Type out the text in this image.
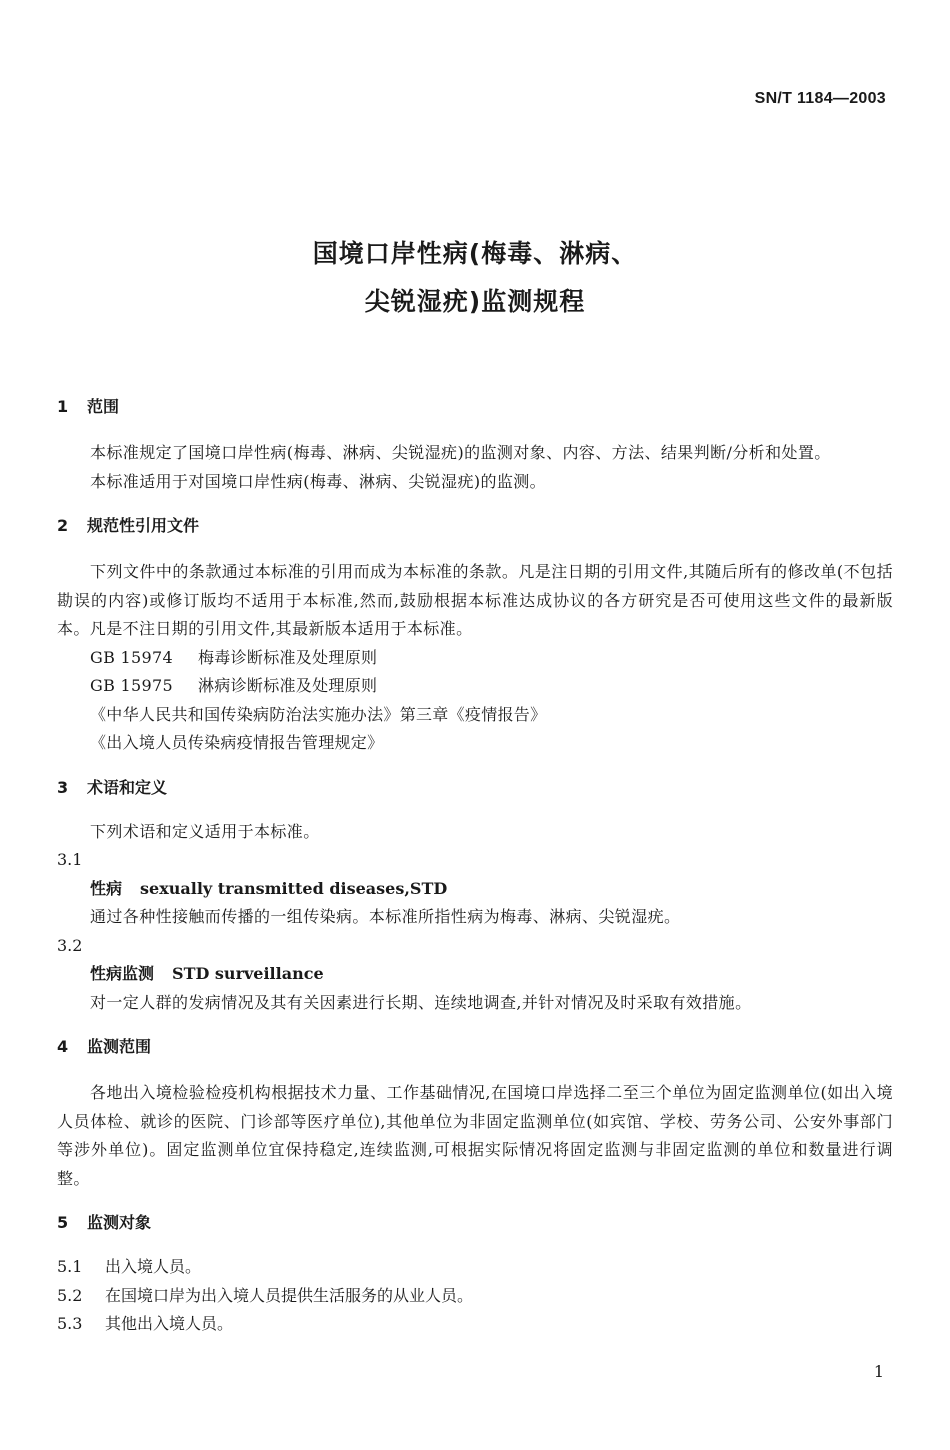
SN/T 1184—2003
国境口岸性病(梅毒、淋病、
尖锐湿疣)监测规程
1 范围
本标准规定了国境口岸性病(梅毒、淋病、尖锐湿疣)的监测对象、内容、方法、结果判断/分析和处置。
本标准适用于对国境口岸性病(梅毒、淋病、尖锐湿疣)的监测。
2 规范性引用文件
下列文件中的条款通过本标准的引用而成为本标准的条款。凡是注日期的引用文件,其随后所有的修改单(不包括勘误的内容)或修订版均不适用于本标准,然而,鼓励根据本标准达成协议的各方研究是否可使用这些文件的最新版本。凡是不注日期的引用文件,其最新版本适用于本标准。
GB 15974 梅毒诊断标准及处理原则
GB 15975 淋病诊断标准及处理原则
《中华人民共和国传染病防治法实施办法》第三章《疫情报告》
《出入境人员传染病疫情报告管理规定》
3 术语和定义
下列术语和定义适用于本标准。
3.1
性病 sexually transmitted diseases,STD
通过各种性接触而传播的一组传染病。本标准所指性病为梅毒、淋病、尖锐湿疣。
3.2
性病监测 STD surveillance
对一定人群的发病情况及其有关因素进行长期、连续地调查,并针对情况及时采取有效措施。
4 监测范围
各地出入境检验检疫机构根据技术力量、工作基础情况,在国境口岸选择二至三个单位为固定监测单位(如出入境人员体检、就诊的医院、门诊部等医疗单位),其他单位为非固定监测单位(如宾馆、学校、劳务公司、公安外事部门等涉外单位)。固定监测单位宜保持稳定,连续监测,可根据实际情况将固定监测与非固定监测的单位和数量进行调整。
5 监测对象
5.1 出入境人员。
5.2 在国境口岸为出入境人员提供生活服务的从业人员。
5.3 其他出入境人员。
1
